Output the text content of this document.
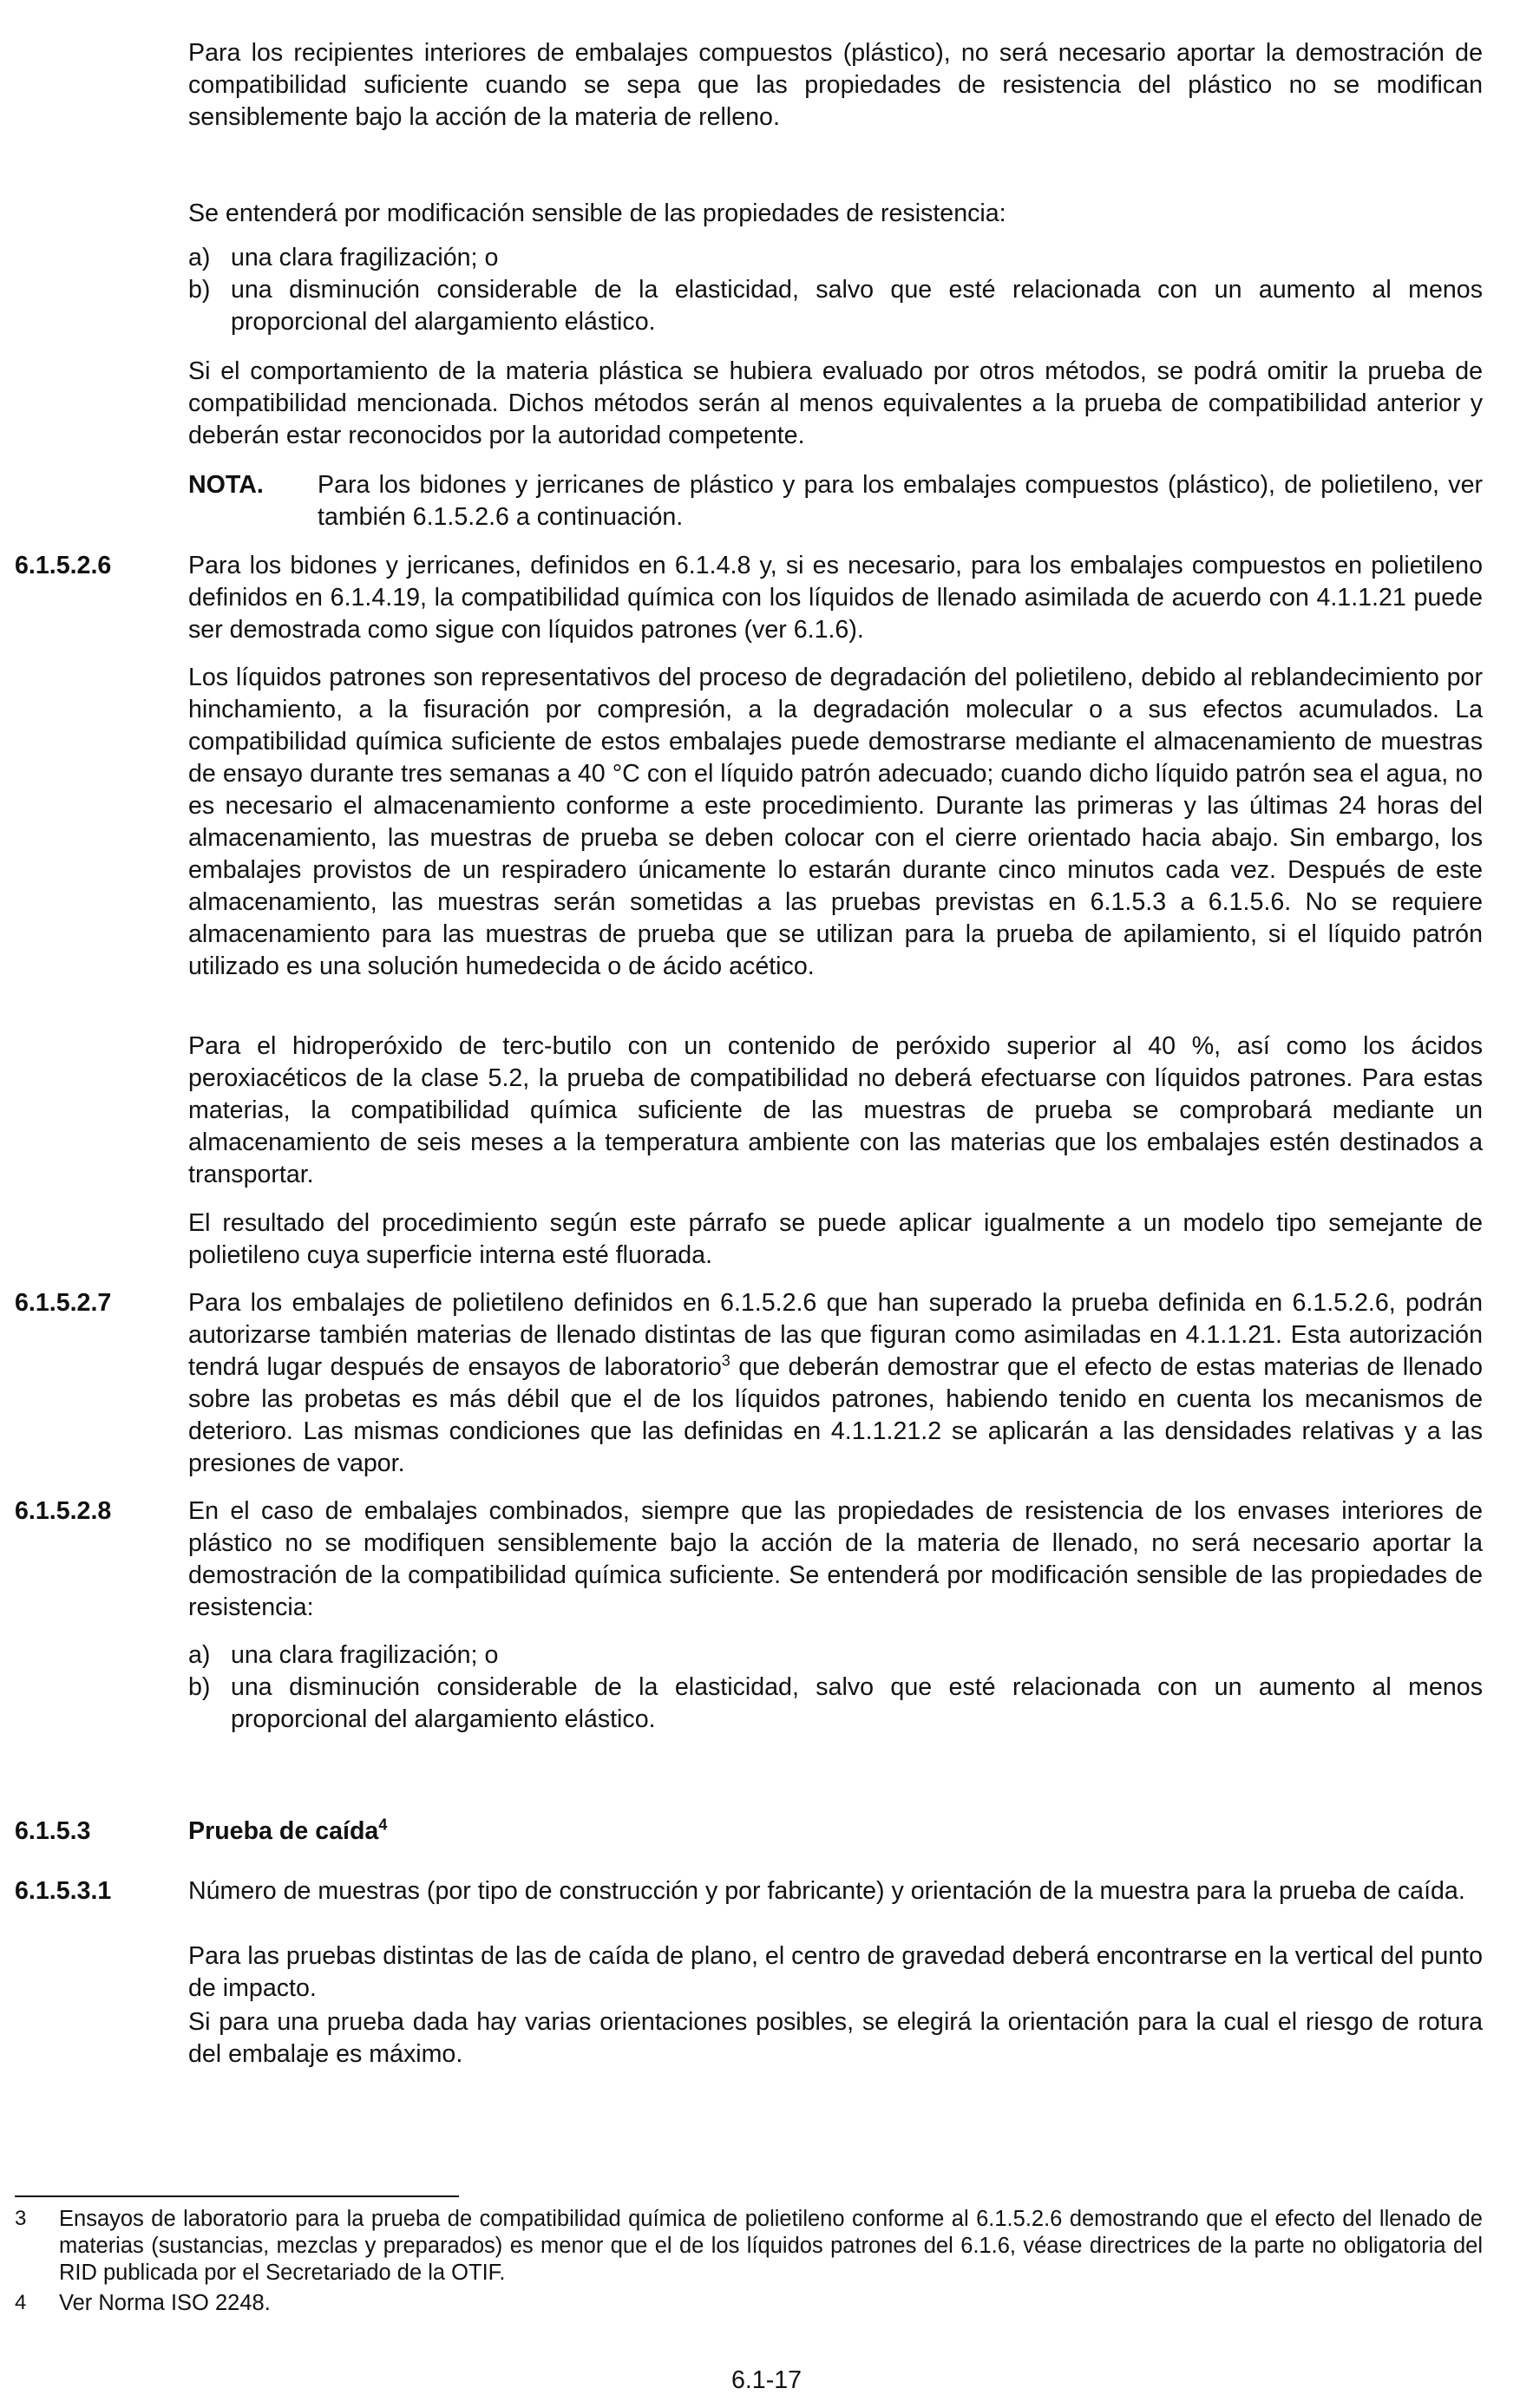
Para los recipientes interiores de embalajes compuestos (plástico), no será necesario aportar la demostración de compatibilidad suficiente cuando se sepa que las propiedades de resistencia del plástico no se modifican sensiblemente bajo la acción de la materia de relleno.

Se entenderá por modificación sensible de las propiedades de resistencia:

a) una clara fragilización; o

b) una disminución considerable de la elasticidad, salvo que esté relacionada con un aumento al menos proporcional del alargamiento elástico.

Si el comportamiento de la materia plástica se hubiera evaluado por otros métodos, se podrá omitir la prueba de compatibilidad mencionada. Dichos métodos serán al menos equivalentes a la prueba de compatibilidad anterior y deberán estar reconocidos por la autoridad competente.

NOTA. Para los bidones y jerricanes de plástico y para los embalajes compuestos (plástico), de polietileno, ver también 6.1.5.2.6 a continuación.

6.1.5.2.6	Para los bidones y jerricanes, definidos en 6.1.4.8 y, si es necesario, para los embalajes compuestos en polietileno definidos en 6.1.4.19, la compatibilidad química con los líquidos de llenado asimilada de acuerdo con 4.1.1.21 puede ser demostrada como sigue con líquidos patrones (ver 6.1.6).

Los líquidos patrones son representativos del proceso de degradación del polietileno, debido al reblandecimiento por hinchamiento, a la fisuración por compresión, a la degradación molecular o a sus efectos acumulados. La compatibilidad química suficiente de estos embalajes puede demostrarse mediante el almacenamiento de muestras de ensayo durante tres semanas a 40 °C con el líquido patrón adecuado; cuando dicho líquido patrón sea el agua, no es necesario el almacenamiento conforme a este procedimiento. Durante las primeras y las últimas 24 horas del almacenamiento, las muestras de prueba se deben colocar con el cierre orientado hacia abajo. Sin embargo, los embalajes provistos de un respiradero únicamente lo estarán durante cinco minutos cada vez. Después de este almacenamiento, las muestras serán sometidas a las pruebas previstas en 6.1.5.3 a 6.1.5.6. No se requiere almacenamiento para las muestras de prueba que se utilizan para la prueba de apilamiento, si el líquido patrón utilizado es una solución humedecida o de ácido acético.

Para el hidroperóxido de terc-butilo con un contenido de peróxido superior al 40 %, así como los ácidos peroxiacéticos de la clase 5.2, la prueba de compatibilidad no deberá efectuarse con líquidos patrones. Para estas materias, la compatibilidad química suficiente de las muestras de prueba se comprobará mediante un almacenamiento de seis meses a la temperatura ambiente con las materias que los embalajes estén destinados a transportar.

El resultado del procedimiento según este párrafo se puede aplicar igualmente a un modelo tipo semejante de polietileno cuya superficie interna esté fluorada.

6.1.5.2.7	Para los embalajes de polietileno definidos en 6.1.5.2.6 que han superado la prueba definida en 6.1.5.2.6, podrán autorizarse también materias de llenado distintas de las que figuran como asimiladas en 4.1.1.21. Esta autorización tendrá lugar después de ensayos de laboratorio$^3$ que deberán demostrar que el efecto de estas materias de llenado sobre las probetas es más débil que el de los líquidos patrones, habiendo tenido en cuenta los mecanismos de deterioro. Las mismas condiciones que las definidas en 4.1.1.21.2 se aplicarán a las densidades relativas y a las presiones de vapor.

6.1.5.2.8	En el caso de embalajes combinados, siempre que las propiedades de resistencia de los envases interiores de plástico no se modifiquen sensiblemente bajo la acción de la materia de llenado, no será necesario aportar la demostración de la compatibilidad química suficiente. Se entenderá por modificación sensible de las propiedades de resistencia:

a) una clara fragilización; o

b) una disminución considerable de la elasticidad, salvo que esté relacionada con un aumento al menos proporcional del alargamiento elástico.

6.1.5.3	Prueba de caída$^4$

6.1.5.3.1	Número de muestras (por tipo de construcción y por fabricante) y orientación de la muestra para la prueba de caída.

Para las pruebas distintas de las de caída de plano, el centro de gravedad deberá encontrarse en la vertical del punto de impacto.

Si para una prueba dada hay varias orientaciones posibles, se elegirá la orientación para la cual el riesgo de rotura del embalaje es máximo.

3 Ensayos de laboratorio para la prueba de compatibilidad química de polietileno conforme al 6.1.5.2.6 demostrando que el efecto del llenado de materias (sustancias, mezclas y preparados) es menor que el de los líquidos patrones del 6.1.6, véase directrices de la parte no obligatoria del RID publicada por el Secretariado de la OTIF.

4 Ver Norma ISO 2248.

6.1-17
